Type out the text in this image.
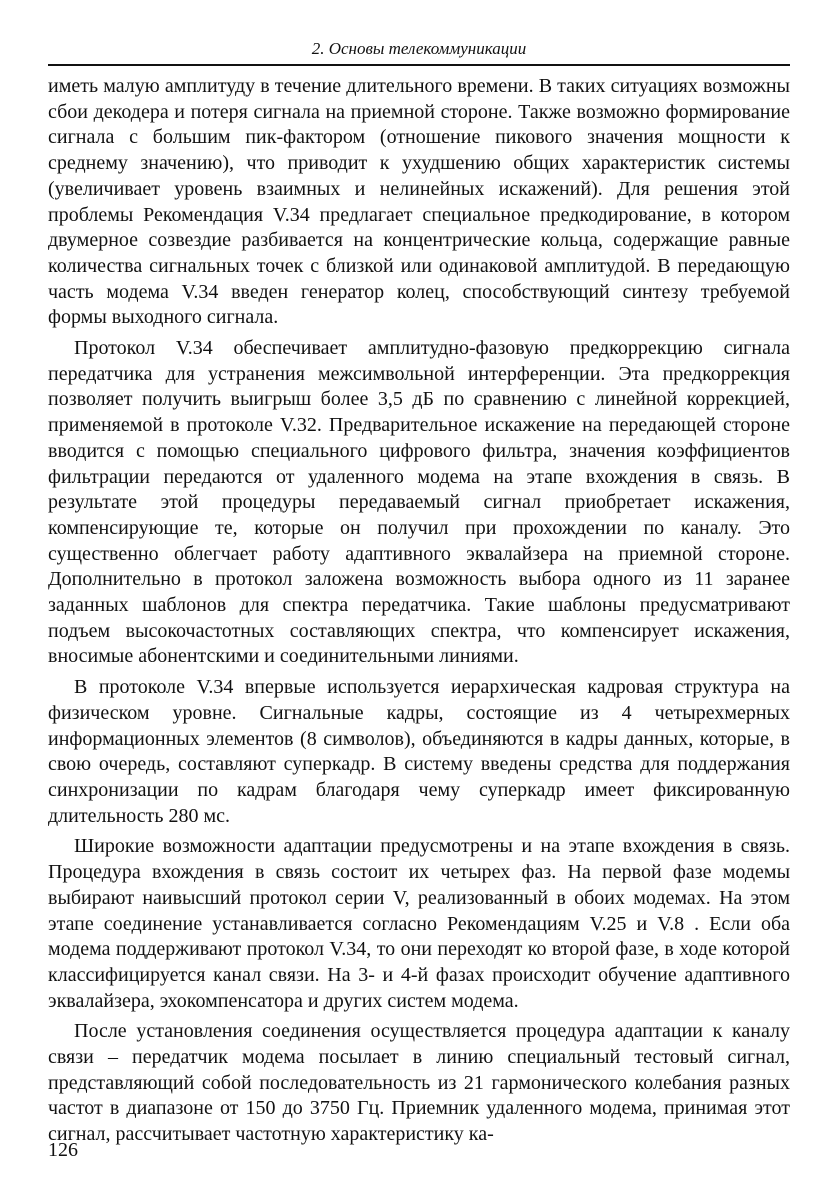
2. Основы телекоммуникации

иметь малую амплитуду в течение длительного времени. В таких ситуациях возможны сбои декодера и потеря сигнала на приемной стороне. Также возможно формирование сигнала с большим пик-фактором (отношение пикового значения мощности к среднему значению), что приводит к ухудшению общих характеристик системы (увеличивает уровень взаимных и нелинейных искажений). Для решения этой проблемы Рекомендация V.34 предлагает специальное предкодирование, в котором двумерное созвездие разбивается на концентрические кольца, содержащие равные количества сигнальных точек с близкой или одинаковой амплитудой. В передающую часть модема V.34 введен генератор колец, способствующий синтезу требуемой формы выходного сигнала.

Протокол V.34 обеспечивает амплитудно-фазовую предкоррекцию сигнала передатчика для устранения межсимвольной интерференции. Эта предкоррекция позволяет получить выигрыш более 3,5 дБ по сравнению с линейной коррекцией, применяемой в протоколе V.32. Предварительное искажение на передающей стороне вводится с помощью специального цифрового фильтра, значения коэффициентов фильтрации передаются от удаленного модема на этапе вхождения в связь. В результате этой процедуры передаваемый сигнал приобретает искажения, компенсирующие те, которые он получил при прохождении по каналу. Это существенно облегчает работу адаптивного эквалайзера на приемной стороне. Дополнительно в протокол заложена возможность выбора одного из 11 заранее заданных шаблонов для спектра передатчика. Такие шаблоны предусматривают подъем высокочастотных составляющих спектра, что компенсирует искажения, вносимые абонентскими и соединительными линиями.

В протоколе V.34 впервые используется иерархическая кадровая структура на физическом уровне. Сигнальные кадры, состоящие из 4 четырехмерных информационных элементов (8 символов), объединяются в кадры данных, которые, в свою очередь, составляют суперкадр. В систему введены средства для поддержания синхронизации по кадрам благодаря чему суперкадр имеет фиксированную длительность 280 мс.

Широкие возможности адаптации предусмотрены и на этапе вхождения в связь. Процедура вхождения в связь состоит их четырех фаз. На первой фазе модемы выбирают наивысший протокол серии V, реализованный в обоих модемах. На этом этапе соединение устанавливается согласно Рекомендациям V.25 и V.8 . Если оба модема поддерживают протокол V.34, то они переходят ко второй фазе, в ходе которой классифицируется канал связи. На 3- и 4-й фазах происходит обучение адаптивного эквалайзера, эхокомпенсатора и других систем модема.

После установления соединения осуществляется процедура адаптации к каналу связи – передатчик модема посылает в линию специальный тестовый сигнал, представляющий собой последовательность из 21 гармонического колебания разных частот в диапазоне от 150 до 3750 Гц. Приемник удаленного модема, принимая этот сигнал, рассчитывает частотную характеристику ка-

126
